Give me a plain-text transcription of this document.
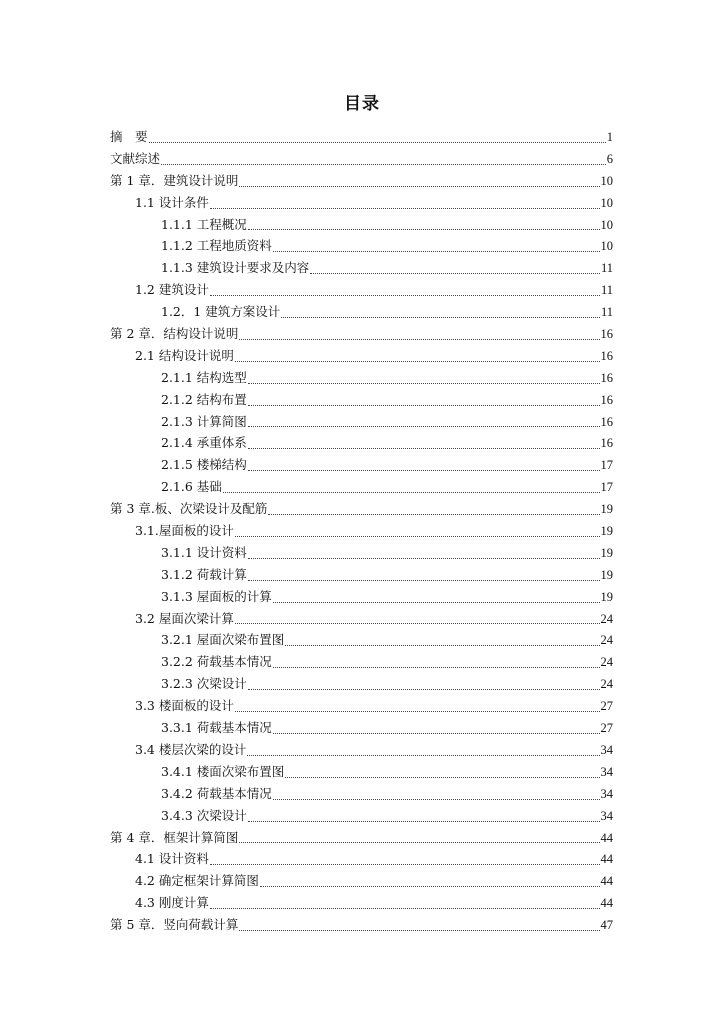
目录
摘　要	1
文献综述	6
第 1 章．建筑设计说明	10
1.1 设计条件	10
1.1.1 工程概况	10
1.1.2 工程地质资料	10
1.1.3 建筑设计要求及内容	11
1.2 建筑设计	11
1.2．1 建筑方案设计	11
第 2 章．结构设计说明	16
2.1 结构设计说明	16
2.1.1 结构选型	16
2.1.2 结构布置	16
2.1.3 计算简图	16
2.1.4 承重体系	16
2.1.5 楼梯结构	17
2.1.6 基础	17
第 3 章.板、次梁设计及配筋	19
3.1.屋面板的设计	19
3.1.1 设计资料	19
3.1.2 荷载计算	19
3.1.3 屋面板的计算	19
3.2 屋面次梁计算	24
3.2.1 屋面次梁布置图	24
3.2.2 荷载基本情况	24
3.2.3 次梁设计	24
3.3 楼面板的设计	27
3.3.1 荷载基本情况	27
3.4 楼层次梁的设计	34
3.4.1 楼面次梁布置图	34
3.4.2 荷载基本情况	34
3.4.3 次梁设计	34
第 4 章．框架计算简图	44
4.1 设计资料	44
4.2 确定框架计算简图	44
4.3 刚度计算	44
第 5 章．竖向荷载计算	47
